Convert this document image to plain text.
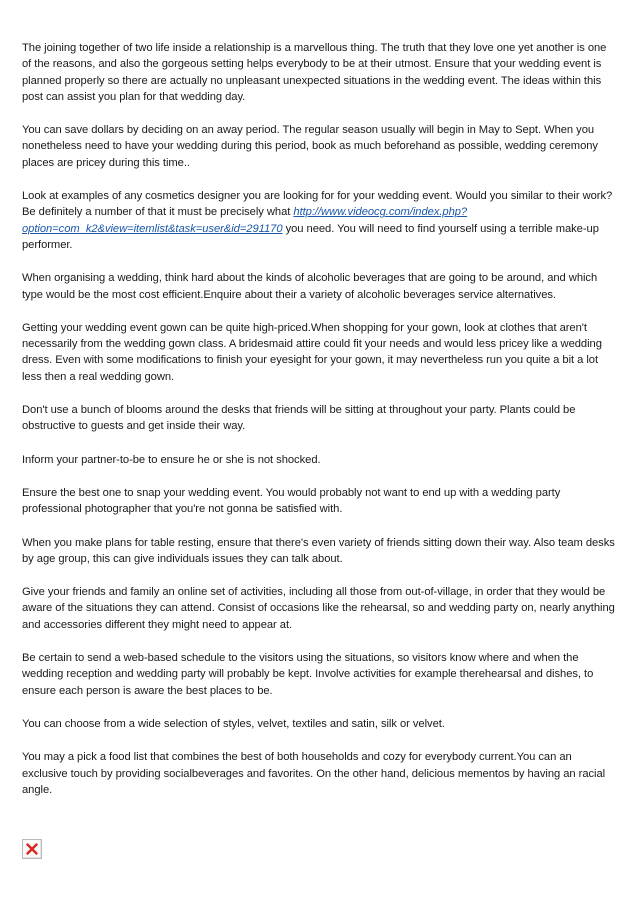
The joining together of two life inside a relationship is a marvellous thing. The truth that they love one yet another is one of the reasons, and also the gorgeous setting helps everybody to be at their utmost. Ensure that your wedding event is planned properly so there are actually no unpleasant unexpected situations in the wedding event. The ideas within this post can assist you plan for that wedding day.

You can save dollars by deciding on an away period. The regular season usually will begin in May to Sept. When you nonetheless need to have your wedding during this period, book as much beforehand as possible, wedding ceremony places are pricey during this time..

Look at examples of any cosmetics designer you are looking for for your wedding event. Would you similar to their work? Be definitely a number of that it must be precisely what http://www.videocg.com/index.php?option=com_k2&view=itemlist&task=user&id=291170 you need. You will need to find yourself using a terrible make-up performer.

When organising a wedding, think hard about the kinds of alcoholic beverages that are going to be around, and which type would be the most cost efficient.Enquire about their a variety of alcoholic beverages service alternatives.

Getting your wedding event gown can be quite high-priced.When shopping for your gown, look at clothes that aren't necessarily from the wedding gown class. A bridesmaid attire could fit your needs and would less pricey like a wedding dress. Even with some modifications to finish your eyesight for your gown, it may nevertheless run you quite a bit a lot less then a real wedding gown.

Don't use a bunch of blooms around the desks that friends will be sitting at throughout your party. Plants could be obstructive to guests and get inside their way.

Inform your partner-to-be to ensure he or she is not shocked.

Ensure the best one to snap your wedding event. You would probably not want to end up with a wedding party professional photographer that you're not gonna be satisfied with.

When you make plans for table resting, ensure that there's even variety of friends sitting down their way. Also team desks by age group, this can give individuals issues they can talk about.

Give your friends and family an online set of activities, including all those from out-of-village, in order that they would be aware of the situations they can attend. Consist of occasions like the rehearsal, so and wedding party on, nearly anything and accessories different they might need to appear at.

Be certain to send a web-based schedule to the visitors using the situations, so visitors know where and when the wedding reception and wedding party will probably be kept. Involve activities for example therehearsal and dishes, to ensure each person is aware the best places to be.

You can choose from a wide selection of styles, velvet, textiles and satin, silk or velvet.

You may a pick a food list that combines the best of both households and cozy for everybody current.You can an exclusive touch by providing socialbeverages and favorites. On the other hand, delicious mementos by having an racial angle.
